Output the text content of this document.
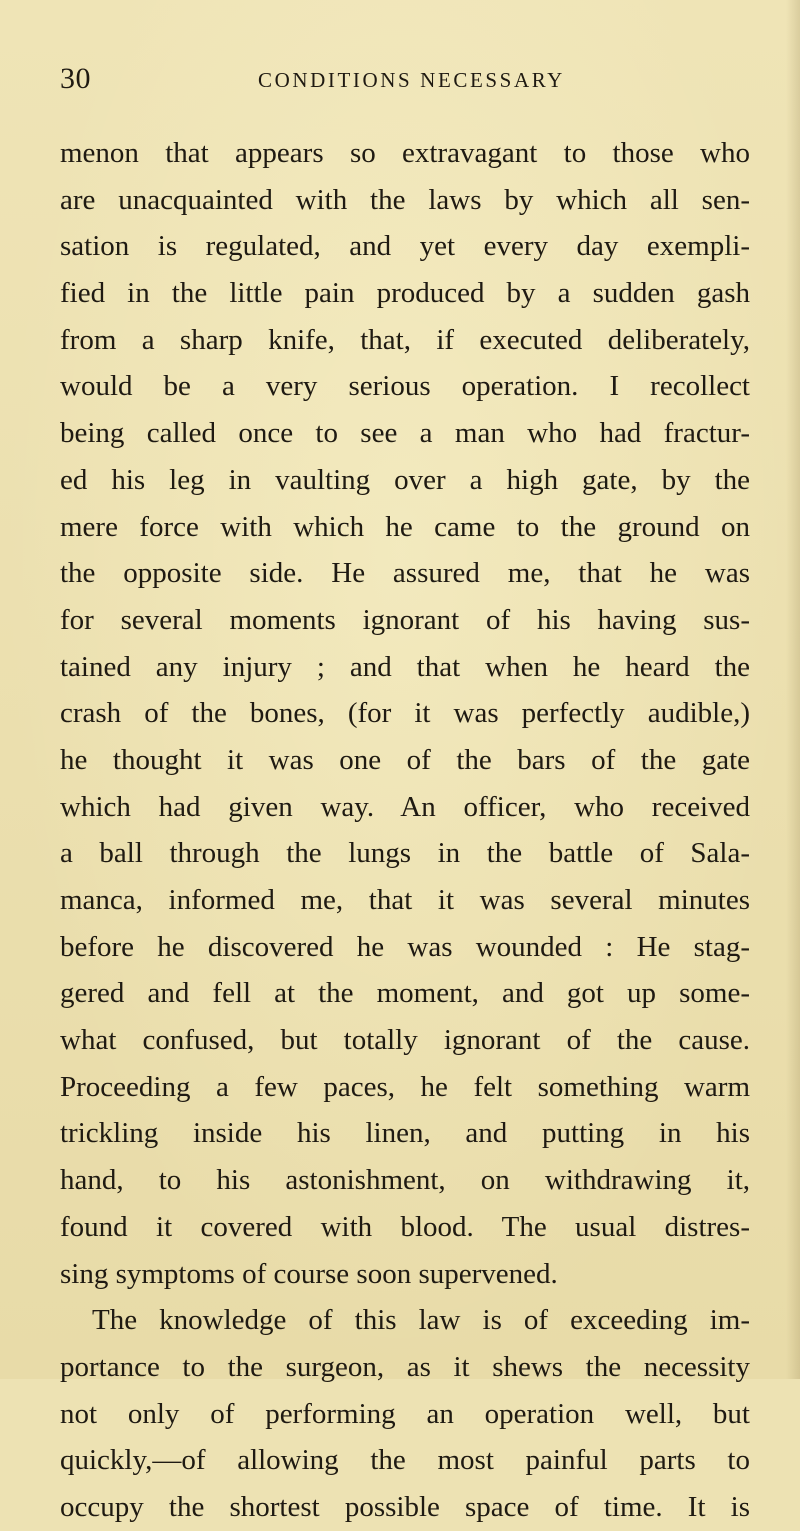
30	CONDITIONS NECESSARY
menon that appears so extravagant to those who
are unacquainted with the laws by which all sen-
sation is regulated, and yet every day exempli-
fied in the little pain produced by a sudden gash
from a sharp knife, that, if executed deliberately,
would be a very serious operation. I recollect
being called once to see a man who had fractur-
ed his leg in vaulting over a high gate, by the
mere force with which he came to the ground on
the opposite side. He assured me, that he was
for several moments ignorant of his having sus-
tained any injury ; and that when he heard the
crash of the bones, (for it was perfectly audible,)
he thought it was one of the bars of the gate
which had given way. An officer, who received
a ball through the lungs in the battle of Sala-
manca, informed me, that it was several minutes
before he discovered he was wounded : He stag-
gered and fell at the moment, and got up some-
what confused, but totally ignorant of the cause.
Proceeding a few paces, he felt something warm
trickling inside his linen, and putting in his
hand, to his astonishment, on withdrawing it,
found it covered with blood. The usual distres-
sing symptoms of course soon supervened.
The knowledge of this law is of exceeding im-
portance to the surgeon, as it shews the necessity
not only of performing an operation well, but
quickly,—of allowing the most painful parts to
occupy the shortest possible space of time. It is
